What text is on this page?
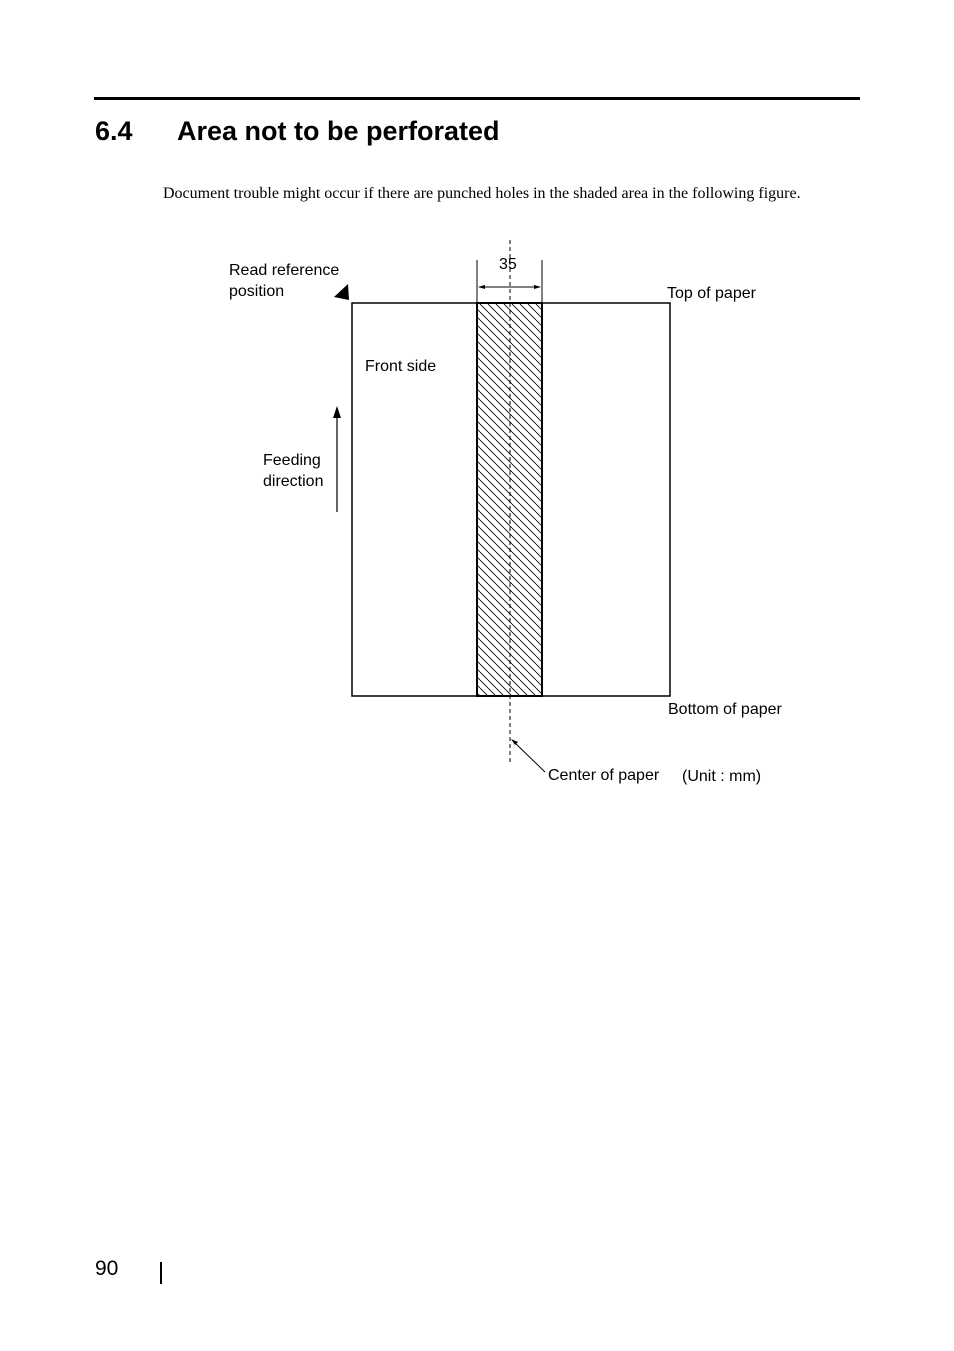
6.4 Area not to be perforated
Document trouble might occur if there are punched holes in the shaded area in the following figure.
Read reference
position
35
Top of paper
Front side
Feeding
direction
Bottom of paper
Center of paper (Unit : mm)
90
